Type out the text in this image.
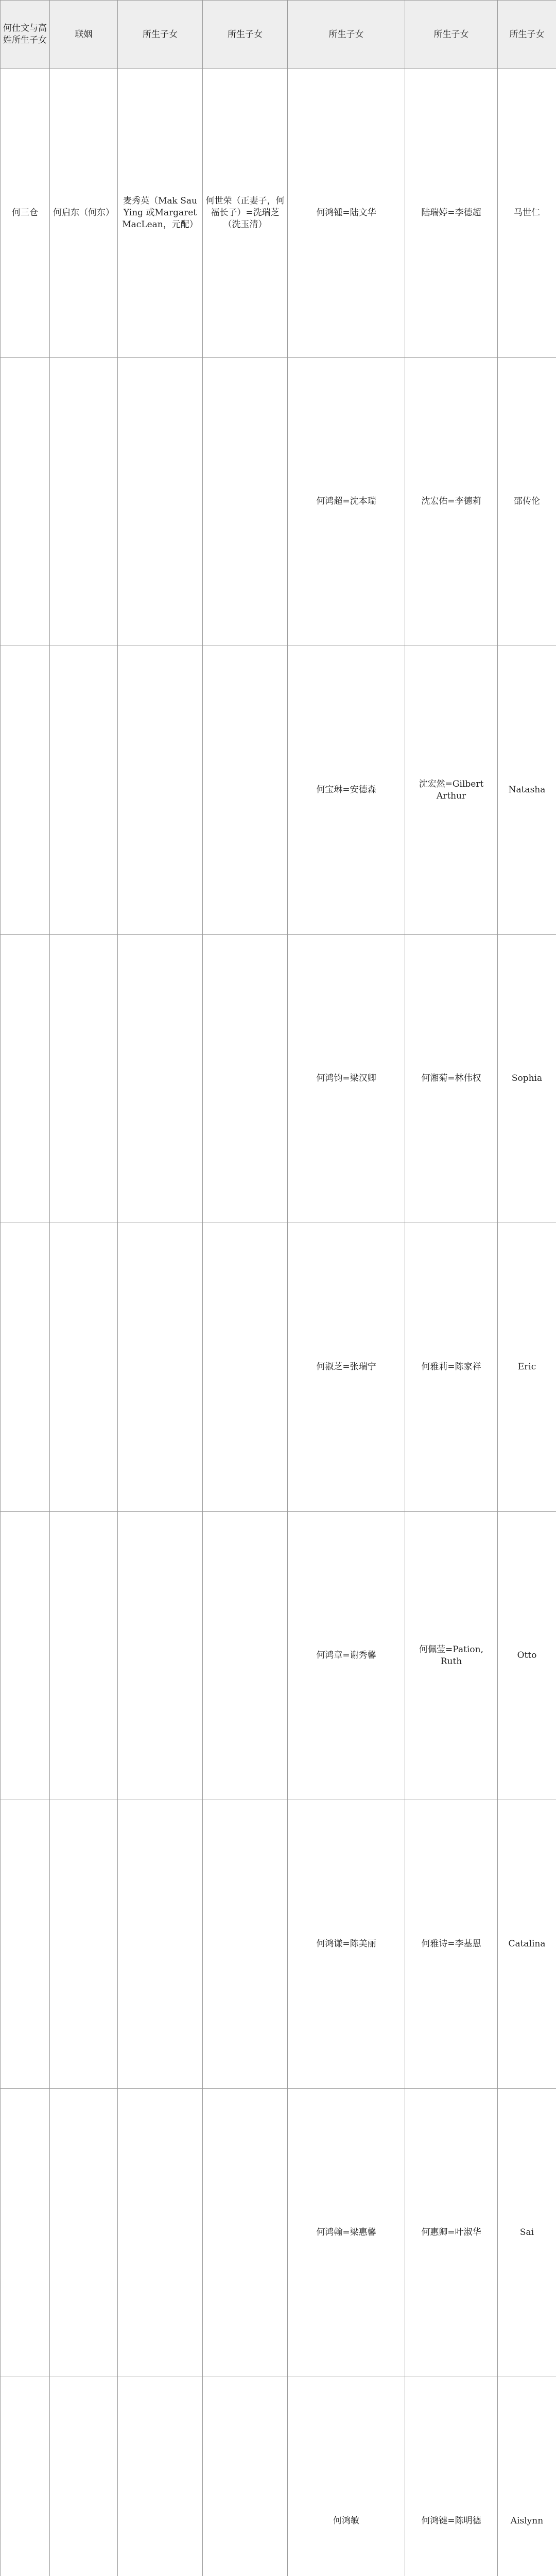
何仕文与高姓所生子女	联姻	所生子女	所生子女	所生子女	所生子女	所生子女
何三仓	何启东（何东）	麦秀英（Mak Sau Ying 或Margaret MacLean，元配）	何世荣（正妻子，何福长子）=洗瑞芝（洗玉清）	何鸿锺=陆文华	陆瑞婷=李德超	马世仁
				何鸿超=沈本瑞	沈宏佑=李德莉	邵传伦
				何宝琳=安德森	沈宏然=Gilbert Arthur	Natasha
				何鸿钧=梁汉卿	何湘菊=林伟权	Sophia
				何淑芝=张瑞宁	何雅莉=陈家祥	Eric
				何鸿章=谢秀馨	何佩莹=Pation, Ruth	Otto
				何鸿谦=陈美丽	何雅诗=李基恩	Catalina
				何鸿翰=梁惠馨	何惠卿=叶淑华	Sai
				何鸿敏	何鸿键=陈明德	Aislynn
